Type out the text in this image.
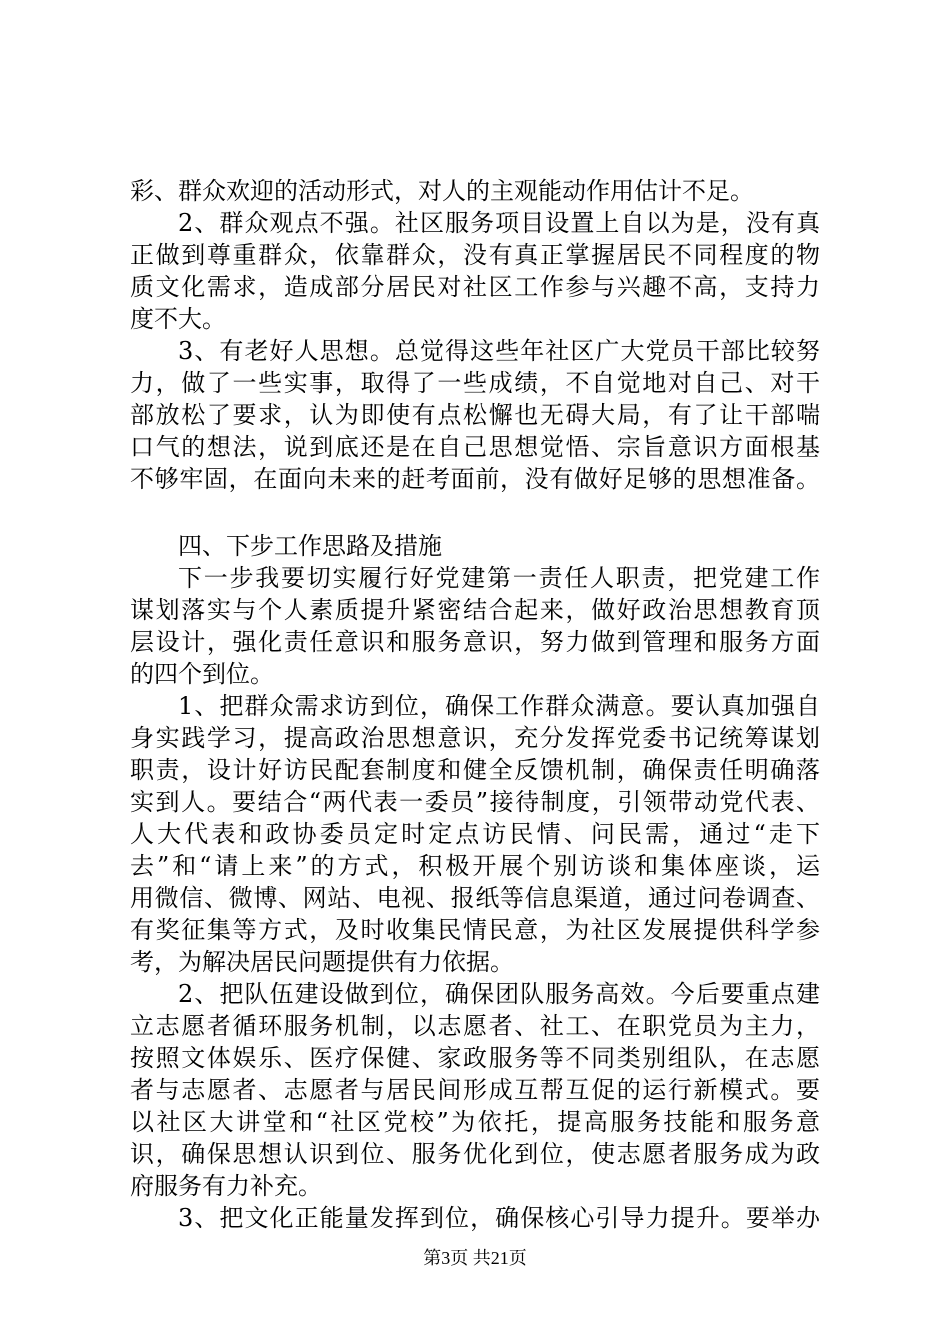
彩、群众欢迎的活动形式，对人的主观能动作用估计不足。
2、群众观点不强。社区服务项目设置上自以为是，没有真
正做到尊重群众，依靠群众，没有真正掌握居民不同程度的物
质文化需求，造成部分居民对社区工作参与兴趣不高，支持力
度不大。
3、有老好人思想。总觉得这些年社区广大党员干部比较努
力，做了一些实事，取得了一些成绩，不自觉地对自己、对干
部放松了要求，认为即使有点松懈也无碍大局，有了让干部喘
口气的想法，说到底还是在自己思想觉悟、宗旨意识方面根基
不够牢固，在面向未来的赶考面前，没有做好足够的思想准备。
四、下步工作思路及措施
下一步我要切实履行好党建第一责任人职责，把党建工作
谋划落实与个人素质提升紧密结合起来，做好政治思想教育顶
层设计，强化责任意识和服务意识，努力做到管理和服务方面
的四个到位。
1、把群众需求访到位，确保工作群众满意。要认真加强自
身实践学习，提高政治思想意识，充分发挥党委书记统筹谋划
职责，设计好访民配套制度和健全反馈机制，确保责任明确落
实到人。要结合“两代表一委员”接待制度，引领带动党代表、
人大代表和政协委员定时定点访民情、问民需，通过“走下
去”和“请上来”的方式，积极开展个别访谈和集体座谈，运
用微信、微博、网站、电视、报纸等信息渠道，通过问卷调查、
有奖征集等方式，及时收集民情民意，为社区发展提供科学参
考，为解决居民问题提供有力依据。
2、把队伍建设做到位，确保团队服务高效。今后要重点建
立志愿者循环服务机制，以志愿者、社工、在职党员为主力，
按照文体娱乐、医疗保健、家政服务等不同类别组队，在志愿
者与志愿者、志愿者与居民间形成互帮互促的运行新模式。要
以社区大讲堂和“社区党校”为依托，提高服务技能和服务意
识，确保思想认识到位、服务优化到位，使志愿者服务成为政
府服务有力补充。
3、把文化正能量发挥到位，确保核心引导力提升。要举办
第3页 共21页
